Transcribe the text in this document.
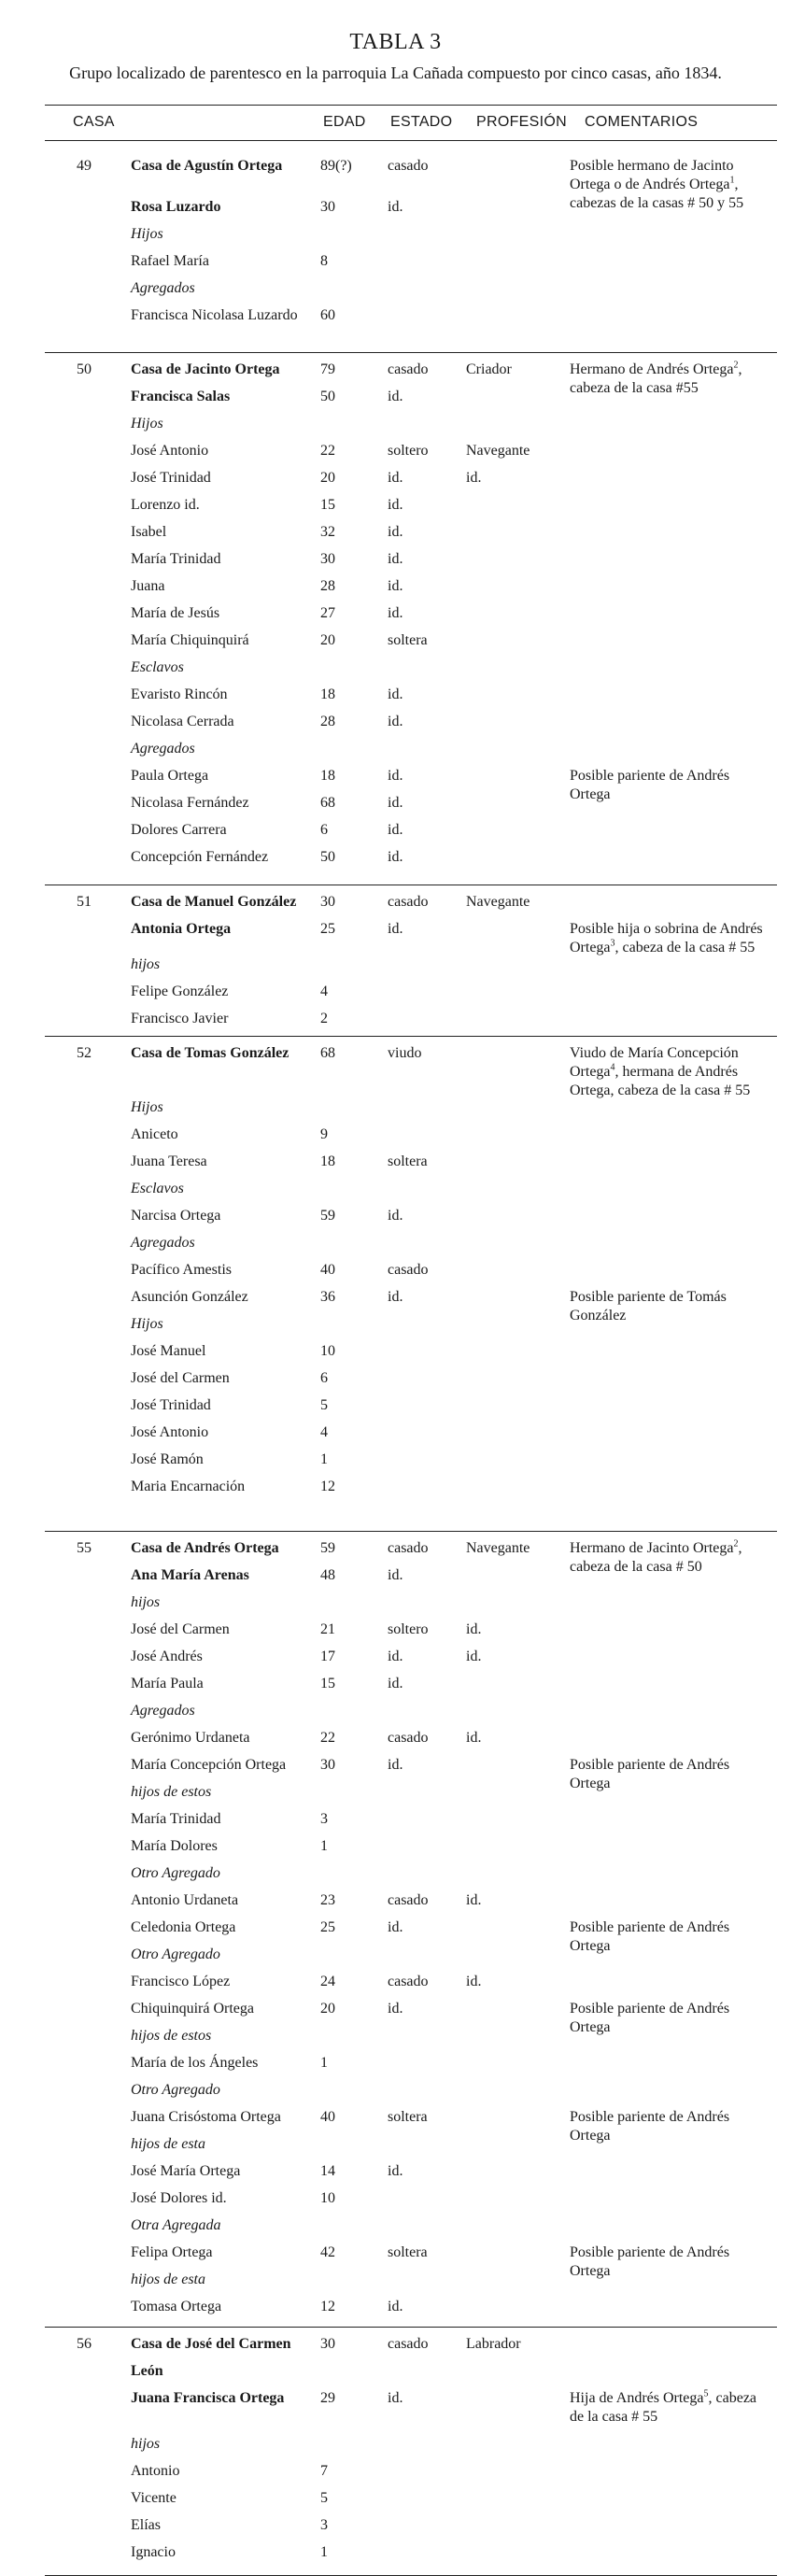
TABLA 3
Grupo localizado de parentesco en la parroquia La Cañada compuesto por cinco casas, año 1834.
CASA	EDAD ESTADO PROFESIÓN COMENTARIOS
49	Casa de Agustín Ortega	89(?) casado	Posible hermano de Jacinto Ortega o de Andrés Ortega$^1$, cabezas de la casas # 50 y 55
Rosa Luzardo	30	id.
Hijos
Rafael María	8
Agregados
Francisca Nicolasa Luzardo 60
50	Casa de Jacinto Ortega	79	casado	Criador	Hermano de Andrés Ortega$^2$, cabeza de la casa #55
Francisca Salas	50	id.
Hijos
José Antonio	22	soltero	Navegante
José Trinidad	20	id.	id.
Lorenzo id.	15	id.
Isabel	32	id.
María Trinidad	30	id.
Juana	28	id.
María de Jesús	27	id.
María Chiquinquirá	20	soltera
Esclavos
Evaristo Rincón	18	id.
Nicolasa Cerrada	28	id.
Agregados
Paula Ortega	18	id.	Posible pariente de Andrés Ortega
Nicolasa Fernández	68	id.
Dolores Carrera	6	id.
Concepción Fernández	50	id.
51	Casa de Manuel González 30	casado	Navegante
Antonia Ortega	25	id.	Posible hija o sobrina de Andrés Ortega$^3$, cabeza de la casa # 55
hijos
Felipe González	4
Francisco Javier	2
52	Casa de Tomas González 68	viudo	Viudo de María Concepción Ortega$^4$, hermana de Andrés Ortega, cabeza de la casa # 55
Hijos
Aniceto	9
Juana Teresa	18	soltera
Esclavos
Narcisa Ortega	59	id.
Agregados
Pacífico Amestis	40	casado
Asunción González	36	id.	Posible pariente de Tomás González
Hijos
José Manuel	10
José del Carmen	6
José Trinidad	5
José Antonio	4
José Ramón	1
Maria Encarnación	12
55	Casa de Andrés Ortega	59	casado	Navegante	Hermano de Jacinto Ortega$^2$, cabeza de la casa # 50
Ana María Arenas	48	id.
hijos
José del Carmen	21	soltero	id.
José Andrés	17	id.	id.
María Paula	15	id.
Agregados
Gerónimo Urdaneta	22	casado	id.
María Concepción Ortega 30	id.	Posible pariente de Andrés Ortega
hijos de estos
María Trinidad	3
María Dolores	1
Otro Agregado
Antonio Urdaneta	23	casado	id.
Celedonia Ortega	25	id.	Posible pariente de Andrés Ortega
Otro Agregado
Francisco López	24	casado	id.
Chiquinquirá Ortega	20	id.	Posible pariente de Andrés Ortega
hijos de estos
María de los Ángeles	1
Otro Agregado
Juana Crisóstoma Ortega	40	soltera	Posible pariente de Andrés Ortega
hijos de esta
José María Ortega	14	id.
José Dolores id.	10
Otra Agregada
Felipa Ortega	42	soltera	Posible pariente de Andrés Ortega
hijos de esta
Tomasa Ortega	12	id.
56	Casa de José del Carmen 30	casado	Labrador
León
Juana Francisca Ortega 29	id.	Hija de Andrés Ortega$^5$, cabeza de la casa # 55
hijos
Antonio	7
Vicente	5
Elías	3
Ignacio	1
